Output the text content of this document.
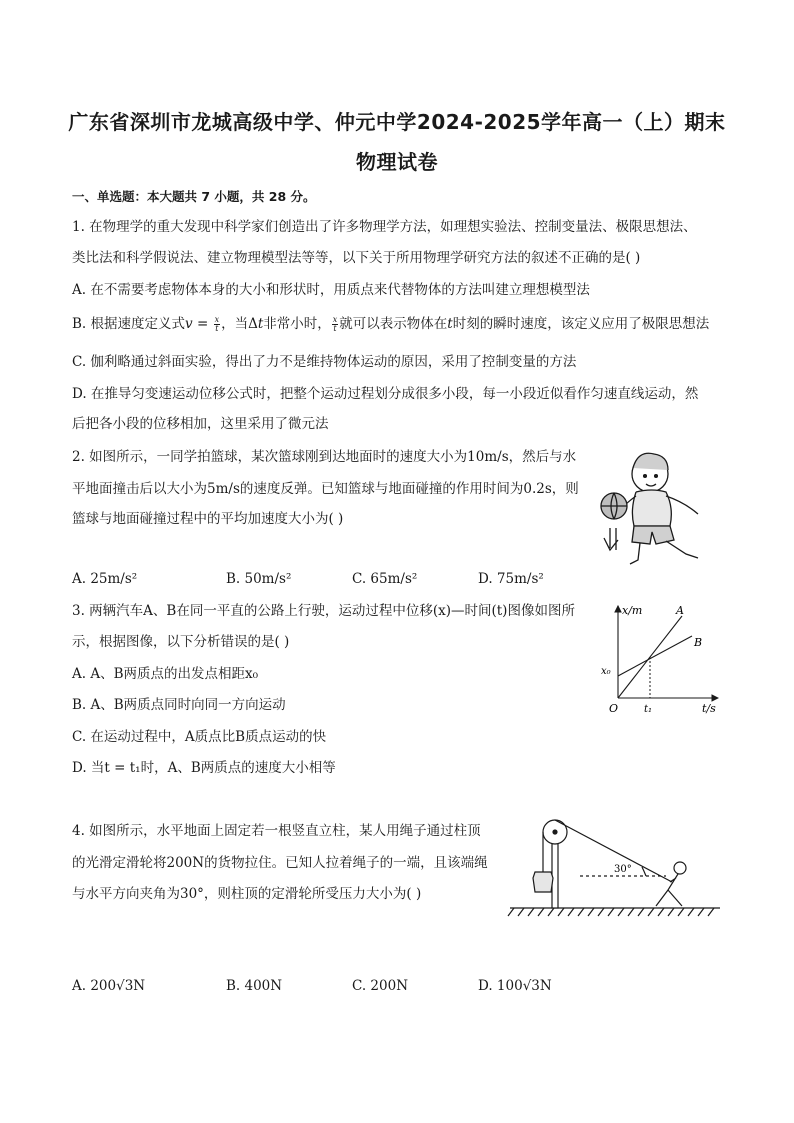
广东省深圳市龙城高级中学、仲元中学2024-2025学年高一（上）期末
物理试卷
一、单选题：本大题共 7 小题，共 28 分。
1. 在物理学的重大发现中科学家们创造出了许多物理学方法，如理想实验法、控制变量法、极限思想法、
类比法和科学假说法、建立物理模型法等等，以下关于所用物理学研究方法的叙述不正确的是( )
A. 在不需要考虑物体本身的大小和形状时，用质点来代替物体的方法叫建立理想模型法
B. 根据速度定义式$v = \frac{x}{t}$ ，当Δt非常小时， $\frac{x}{t}$ 就可以表示物体在t时刻的瞬时速度，该定义应用了极限思想法
C. 伽利略通过斜面实验，得出了力不是维持物体运动的原因，采用了控制变量的方法
D. 在推导匀变速运动位移公式时，把整个运动过程划分成很多小段，每一小段近似看作匀速直线运动，然
后把各小段的位移相加，这里采用了微元法
2. 如图所示，一同学拍篮球，某次篮球刚到达地面时的速度大小为10m/s，然后与水
平地面撞击后以大小为5m/s的速度反弹。已知篮球与地面碰撞的作用时间为0.2s，则
篮球与地面碰撞过程中的平均加速度大小为( )
A. 25m/s²	B. 50m/s²	C. 65m/s²	D. 75m/s²
3. 两辆汽车A、B在同一平直的公路上行驶，运动过程中位移(x)—时间(t)图像如图所
示，根据图像，以下分析错误的是( )
A. A、B两质点的出发点相距x₀
B. A、B两质点同时向同一方向运动
C. 在运动过程中，A质点比B质点运动的快
D. 当t = t₁时，A、B两质点的速度大小相等
x/m
t/s
O
x₀
t₁
A
B
4. 如图所示，水平地面上固定若一根竖直立柱，某人用绳子通过柱顶
的光滑定滑轮将200N的货物拉住。已知人拉着绳子的一端，且该端绳
与水平方向夹角为30°，则柱顶的定滑轮所受压力大小为( )
30°
A. 200√3N	B. 400N	C. 200N	D. 100√3N
